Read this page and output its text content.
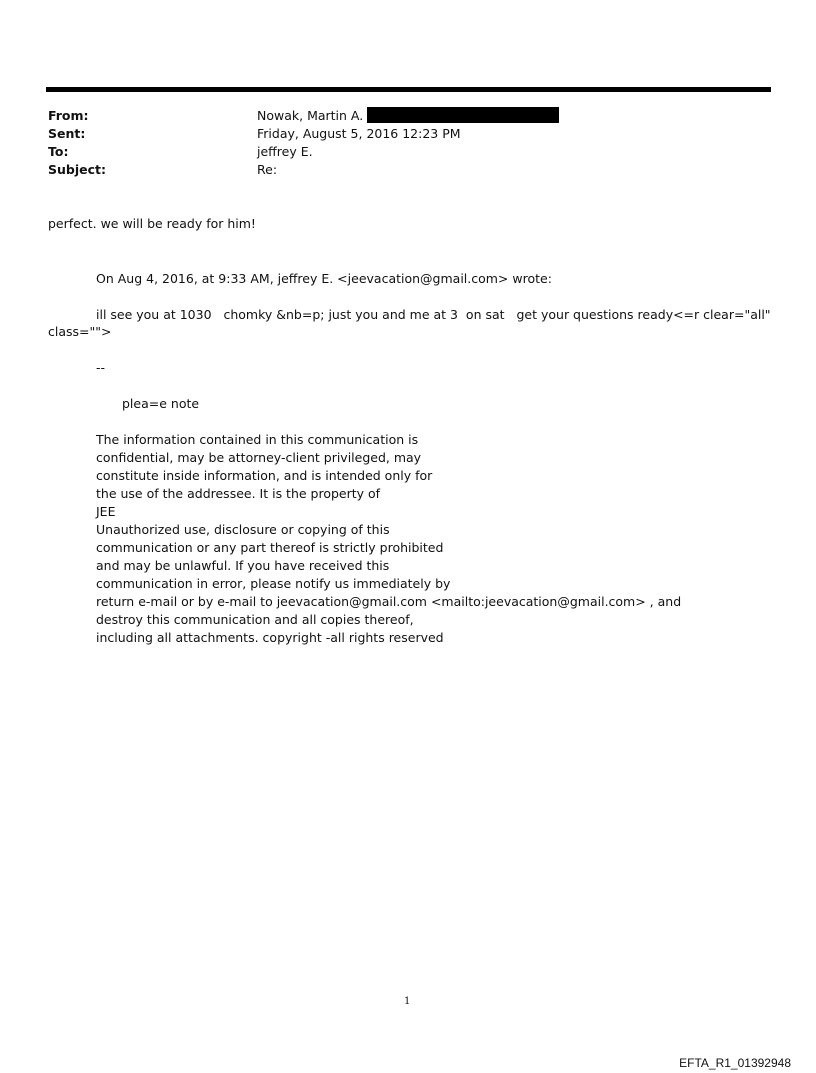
From:	Nowak, Martin A.
Sent:	Friday, August 5, 2016 12:23 PM
To:	jeffrey E.
Subject:	Re:
perfect. we will be ready for him!
On Aug 4, 2016, at 9:33 AM, jeffrey E. <jeevacation@gmail.com> wrote:
ill see you at 1030   chomky &nb=p; just you and me at 3  on sat   get your questions ready<=r clear="all"
class="">
--
plea=e note
The information contained in this communication is
confidential, may be attorney-client privileged, may
constitute inside information, and is intended only for
the use of the addressee. It is the property of
JEE
Unauthorized use, disclosure or copying of this
communication or any part thereof is strictly prohibited
and may be unlawful. If you have received this
communication in error, please notify us immediately by
return e-mail or by e-mail to jeevacation@gmail.com <mailto:jeevacation@gmail.com> , and
destroy this communication and all copies thereof,
including all attachments. copyright -all rights reserved
1
EFTA_R1_01392948
